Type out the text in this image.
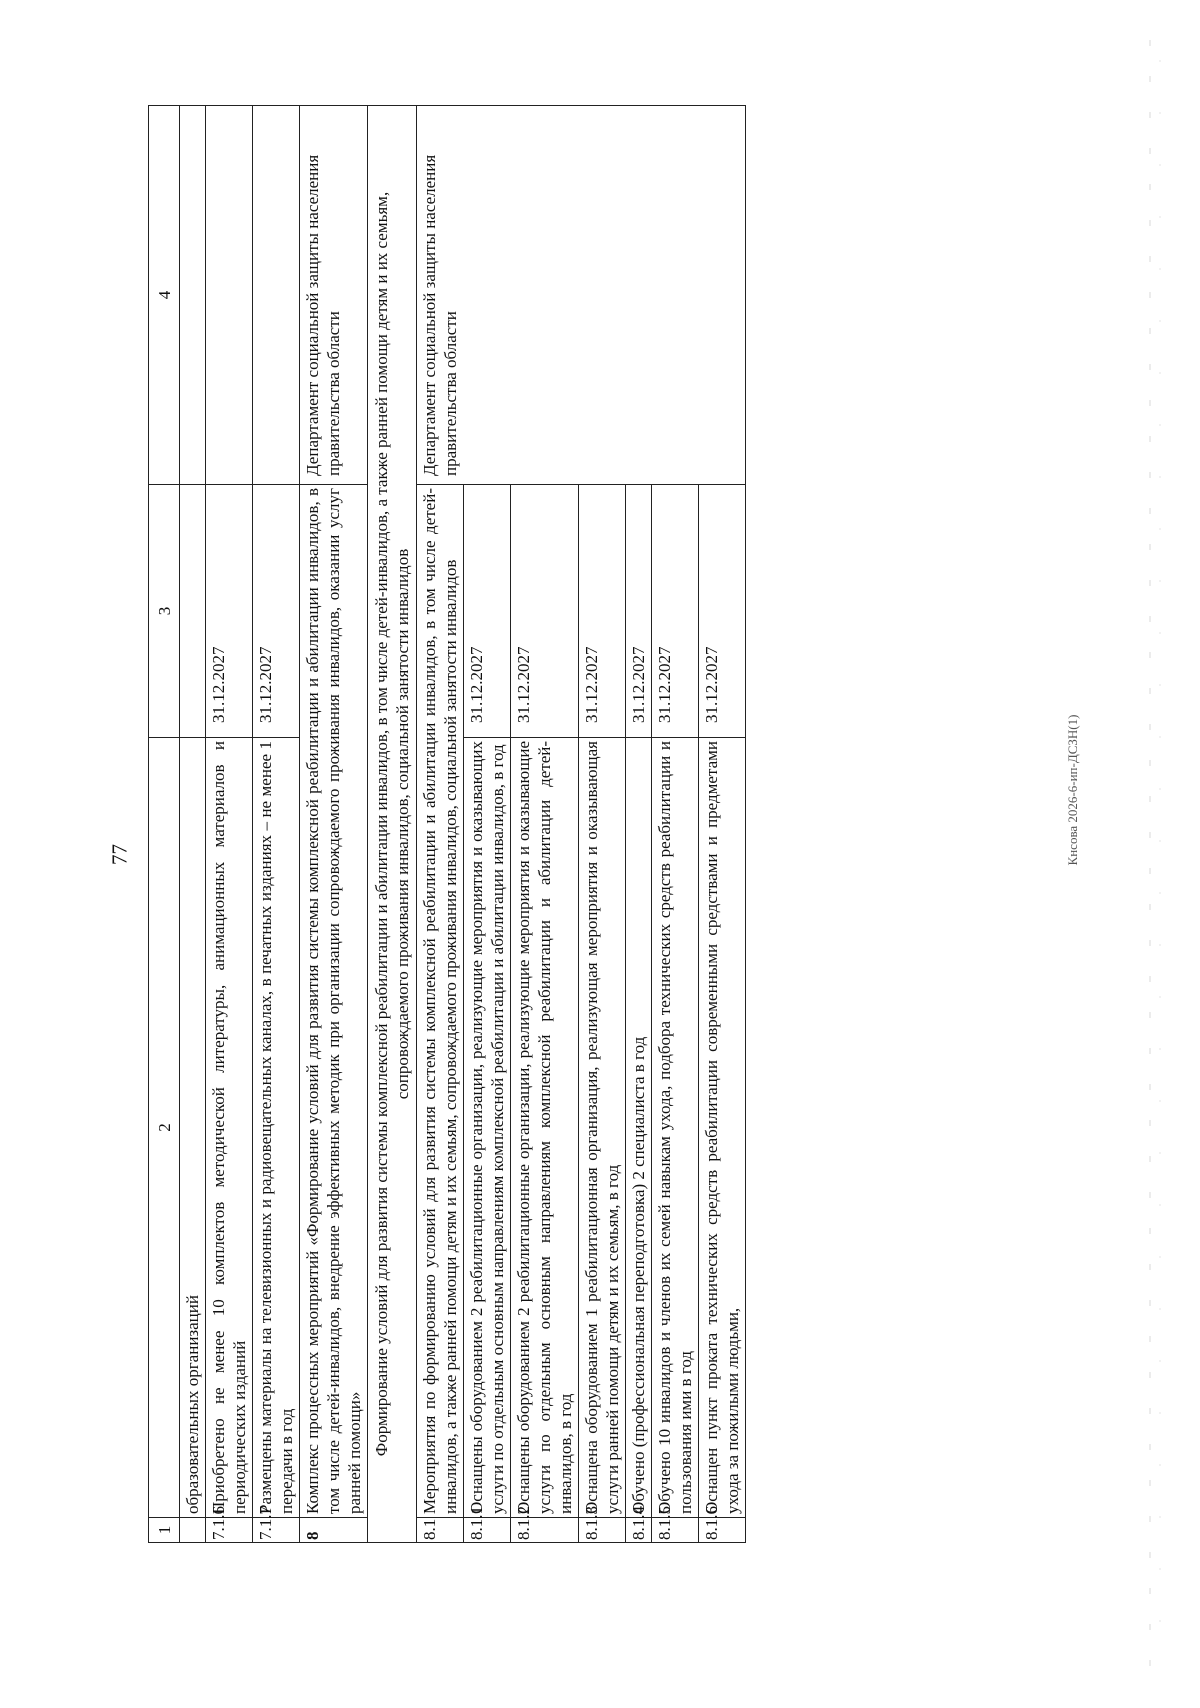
77	Кнсова 2026-6-ип-ДСЗН(1)
1	2	3	4
	образовательных организаций		
7.1.6	Приобретено не менее 10 комплектов методической литературы, анимационных материалов и периодических изданий	31.12.2027	
7.1.7	Размещены материалы на телевизионных и радиовещательных каналах, в печатных изданиях – не менее 1 передачи в год	31.12.2027	
8	Комплекс процессных мероприятий «Формирование условий для развития системы комплексной реабилитации и абилитации инвалидов, в том числе детей-инвалидов, внедрение эффективных методик при организации сопровождаемого проживания инвалидов, оказании услуг ранней помощи»		Департамент социальной защиты населения правительства области
Формирование условий для развития системы комплексной реабилитации и абилитации инвалидов, в том числе детей-инвалидов, а также ранней помощи детям и их семьям, сопровождаемого проживания инвалидов, социальной занятости инвалидов			
8.1	Мероприятия по формированию условий для развития системы комплексной реабилитации и абилитации инвалидов, в том числе детей-инвалидов, а также ранней помощи детям и их семьям, сопровождаемого проживания инвалидов, социальной занятости инвалидов		Департамент социальной защиты населения правительства области
8.1.1	Оснащены оборудованием 2 реабилитационные организации, реализующие мероприятия и оказывающих услуги по отдельным основным направлениям комплексной реабилитации и абилитации инвалидов, в год	31.12.2027	
8.1.2	Оснащены оборудованием 2 реабилитационные организации, реализующие мероприятия и оказывающие услуги по отдельным основным направлениям комплексной реабилитации и абилитации детей-инвалидов, в год	31.12.2027	
8.1.3	Оснащена оборудованием 1 реабилитационная организация, реализующая мероприятия и оказывающая услуги ранней помощи детям и их семьям, в год	31.12.2027	
8.1.4	Обучено (профессиональная переподготовка) 2 специалиста в год	31.12.2027	
8.1.5	Обучено 10 инвалидов и членов их семей навыкам ухода, подбора технических средств реабилитации и пользования ими в год	31.12.2027	
8.1.6	Оснащен пункт проката технических средств реабилитации современными средствами и предметами ухода за пожилыми людьми,	31.12.2027	
